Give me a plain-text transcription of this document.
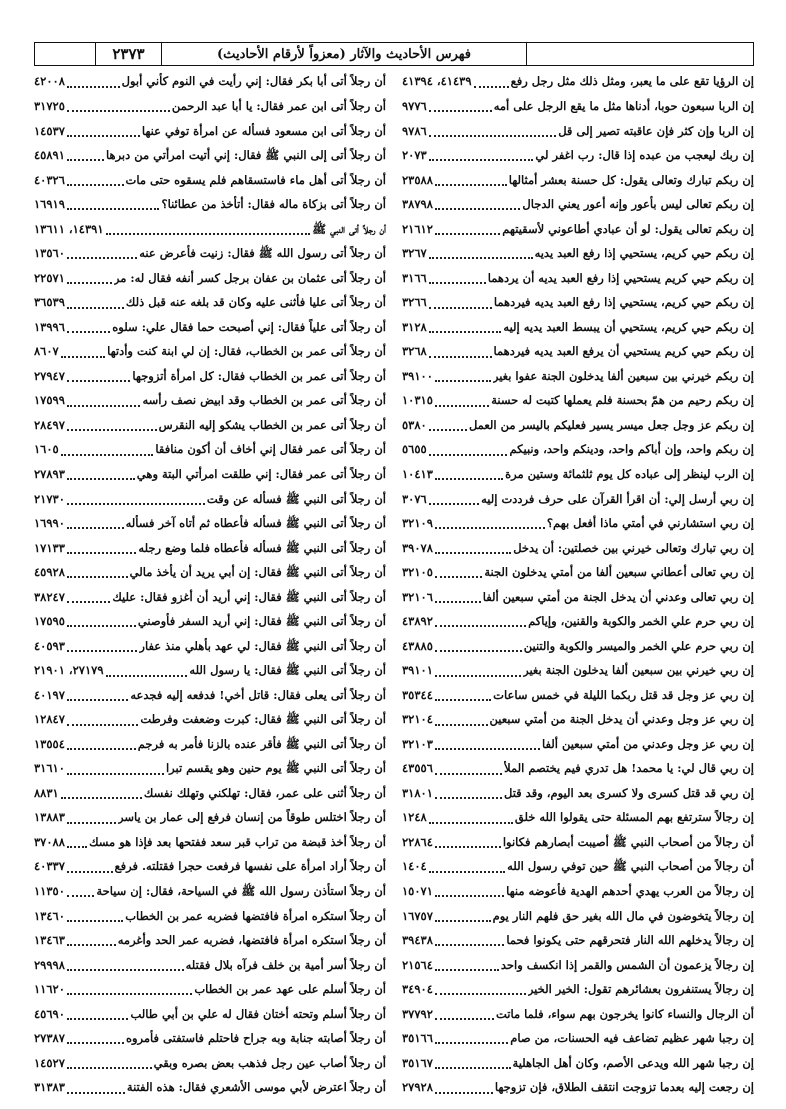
٢٣٧٣	فهرس الأحاديث والآثار (معزواً لأرقام الأحاديث)
إن الرؤيا تقع على ما يعبر، ومثل ذلك مثل رجل رفع
٤١٤٣٩، ٤١٣٩٤
إن الربا سبعون حوبا، أدناها مثل ما يقع الرجل على أمه
٩٧٧٦
إن الربا وإن كثر فإن عاقبته تصير إلى قل
٩٧٨٦
إن ربك ليعجب من عبده إذا قال: رب اغفر لي
٢٠٧٣
إن ربكم تبارك وتعالى يقول: كل حسنة بعشر أمثالها
٢٣٥٨٨
إن ربكم تعالى ليس بأعور وإنه أعور يعني الدجال
٣٨٧٩٨
إن ربكم تعالى يقول: لو أن عبادي أطاعوني لأسقيتهم
٢١٦١٢
إن ربكم حيي كريم، يستحيي إذا رفع العبد يديه
٣٢٦٧
إن ربكم حيي كريم يستحيي إذا رفع العبد يديه أن يردهما
٣١٦٦
إن ربكم حيي كريم، يستحيي إذا رفع العبد يديه فيردهما
٣٢٦٦
إن ربكم حيي كريم، يستحيي أن يبسط العبد يديه إليه
٣١٢٨
إن ربكم حيي كريم يستحيي أن يرفع العبد يديه فيردهما
٣٢٦٨
إن ربكم خيرني بين سبعين ألفا يدخلون الجنة عفوا بغير
٣٩١٠٠
إن ربكم رحيم من همّ بحسنة فلم يعملها كتبت له حسنة
١٠٣١٥
إن ربكم عز وجل جعل ميسر يسير فعليكم باليسر من العمل
٥٣٨٠
إن ربكم واحد، وإن أباكم واحد، ودينكم واحد، ونبيكم
٥٦٥٥
إن الرب لينظر إلى عباده كل يوم ثلثمائة وستين مرة
١٠٤١٣
إن ربي أرسل إلي: أن اقرأ القرآن على حرف فرددت إليه
٣٠٧٦
إن ربي استشارني في أمتي ماذا أفعل بهم؟
٣٢١٠٩
إن ربي تبارك وتعالى خيرني بين خصلتين: أن يدخل
٣٩٠٧٨
إن ربي تعالى أعطاني سبعين ألفا من أمتي يدخلون الجنة
٣٢١٠٥
إن ربي تعالى وعدني أن يدخل الجنة من أمتي سبعين ألفا
٣٢١٠٦
إن ربي حرم علي الخمر والكوبة والقنين، وإياكم
٤٣٨٩٢
إن ربي حرم علي الخمر والميسر والكوبة والتنين
٤٣٨٨٥
إن ربي خيرني بين سبعين ألفا يدخلون الجنة بغير
٣٩١٠١
إن ربي عز وجل قد قتل ربكما الليلة في خمس ساعات
٣٥٣٤٤
إن ربي عز وجل وعدني أن يدخل الجنة من أمتي سبعين
٣٢١٠٤
إن ربي عز وجل وعدني من أمتي سبعين ألفا
٣٢١٠٣
إن ربي قال لي: يا محمد! هل تدري فيم يختصم الملأ
٤٣٥٥٦
إن ربي قد قتل كسرى ولا كسرى بعد اليوم، وقد قتل
٣١٨٠١
إن رجالاً سترتفع بهم المسئلة حتى يقولوا الله خلق
١٢٤٨
أن رجالاً من أصحاب النبي ﷺ أصيبت أبصارهم فكانوا
٢٢٨٦٤
أن رجالاً من أصحاب النبي ﷺ حين توفي رسول الله
١٤٠٤
إن رجالاً من العرب يهدي أحدهم الهدية فأعوضه منها
١٥٠٧١
إن رجالاً يتخوضون في مال الله بغير حق فلهم النار يوم
١٦٧٥٧
إن رجالاً يدخلهم الله النار فتحرقهم حتى يكونوا فحما
٣٩٤٣٨
إن رجالاً يزعمون أن الشمس والقمر إذا انكسف واحد
٢١٥٦٤
إن رجالاً يستنفرون بعشائرهم تقول: الخير الخير
٣٤٩٠٤
أن الرجال والنساء كانوا يخرجون بهم سواء، فلما ماتت
٣٧٧٩٢
إن رجبا شهر عظيم تضاعف فيه الحسنات، من صام
٣٥١٦٦
إن رجبا شهر الله ويدعى الأصم، وكان أهل الجاهلية
٣٥١٦٧
إن رجعت إليه بعدما تزوجت انتقف الطلاق، فإن تزوجها
٢٧٩٢٨
أن رجلاً أتى أبا بكر فقال: إني رأيت في النوم كأني أبول
٤٢٠٠٨
أن رجلاً أتى ابن عمر فقال: يا أبا عبد الرحمن
٣١٧٢٥
أن رجلاً أتى ابن مسعود فسأله عن امرأة توفي عنها
١٤٥٣٧
أن رجلاً أتى إلى النبي ﷺ فقال: إني أتيت امرأتي من دبرها
٤٥٨٩١
أن رجلاً أتى أهل ماء فاستسقاهم فلم يسقوه حتى مات
٤٠٣٢٦
أن رجلاً أتى بزكاة ماله فقال: أتأخذ من عطائنا؟
١٦٩١٩
أن رجلاً أتى النبي ﷺ
١٤٣٩١، ١٣٦١١
أن رجلاً أتى رسول الله ﷺ فقال: زنيت فأعرض عنه
١٣٥٦٠
أن رجلاً أتى عثمان بن عفان برجل كسر أنفه فقال له: مر
٢٢٥٧١
أن رجلاً أتى عليا فأثنى عليه وكان قد بلغه عنه قبل ذلك
٣٦٥٣٩
أن رجلاً أتى علياً فقال: إني أصبحت حما فقال علي: سلوه
١٣٩٩٦
أن رجلاً أتى عمر بن الخطاب، فقال: إن لي ابنة كنت وأدتها
٨٦٠٧
أن رجلاً أتى عمر بن الخطاب فقال: كل امرأة أتزوجها
٢٧٩٤٧
أن رجلاً أتى عمر بن الخطاب وقد ابيض نصف رأسه
١٧٥٩٩
أن رجلاً أتى عمر بن الخطاب يشكو إليه النقرس
٢٨٤٩٧
أن رجلاً أتى عمر فقال إني أخاف أن أكون منافقا
١٦٠٥
أن رجلاً أتى عمر فقال: إني طلقت امرأتي البتة وهي
٢٧٨٩٣
أن رجلاً أتى النبي ﷺ فسأله عن وقت
٢١٧٣٠
أن رجلاً أتى النبي ﷺ فسأله فأعطاه ثم أتاه آخر فسأله
١٦٩٩٠
أن رجلاً أتى النبي ﷺ فسأله فأعطاه فلما وضع رجله
١٧١٣٣
أن رجلاً أتى النبي ﷺ فقال: إن أبي يريد أن يأخذ مالي
٤٥٩٢٨
أن رجلاً أتى النبي ﷺ فقال: إني أريد أن أغزو فقال: عليك
٣٨٢٤٧
أن رجلاً أتى النبي ﷺ فقال: إني أريد السفر فأوصني
١٧٥٩٥
أن رجلاً أتى النبي ﷺ فقال: لي عهد بأهلي منذ عفار
٤٠٥٩٣
أن رجلاً أتى النبي ﷺ فقال: يا رسول الله
٢٧١٧٩، ٢١٩٠١
أن رجلاً أتى يعلى فقال: قاتل أخي! فدفعه إليه فجدعه
٤٠١٩٧
أن رجلاً أتى النبي ﷺ فقال: كبرت وضعفت وفرطت
١٢٨٤٧
أن رجلاً أتى النبي ﷺ فأقر عنده بالزنا فأمر به فرجم
١٣٥٥٤
أن رجلاً أتى النبي ﷺ يوم حنين وهو يقسم تبرا
٣١٦١٠
أن رجلاً أثنى على عمر، فقال: تهلكني وتهلك نفسك
٨٨٣١
أن رجلاً اختلس طوقاً من إنسان فرفع إلى عمار بن ياسر
١٣٨٨٣
أن رجلاً أخذ قبضة من تراب قبر سعد ففتحها بعد فإذا هو مسك
٣٧٠٨٨
أن رجلاً أراد امرأة على نفسها فرفعت حجرا فقتلته. فرفع
٤٠٣٣٧
أن رجلاً استأذن رسول الله ﷺ في السياحة، فقال: إن سياحة
١١٣٥٠
أن رجلاً استكره امرأة فافتضها فضربه عمر بن الخطاب
١٣٤٦٠
أن رجلاً استكره امرأة فافتضها، فضربه عمر الحد وأغرمه
١٣٤٦٣
أن رجلاً أسر أمية بن خلف فرآه بلال فقتله
٢٩٩٩٨
أن رجلاً أسلم على عهد عمر بن الخطاب
١١٦٢٠
أن رجلاً أسلم وتحته أختان فقال له علي بن أبي طالب
٤٥٦٩٠
أن رجلاً أصابته جنابة وبه جراح فاحتلم فاستفتى فأمروه
٢٧٣٨٧
أن رجلاً أصاب عين رجل فذهب بعض بصره وبقي
١٤٥٢٧
أن رجلاً اعترض لأبي موسى الأشعري فقال: هذه الفتنة
٣١٣٨٣
